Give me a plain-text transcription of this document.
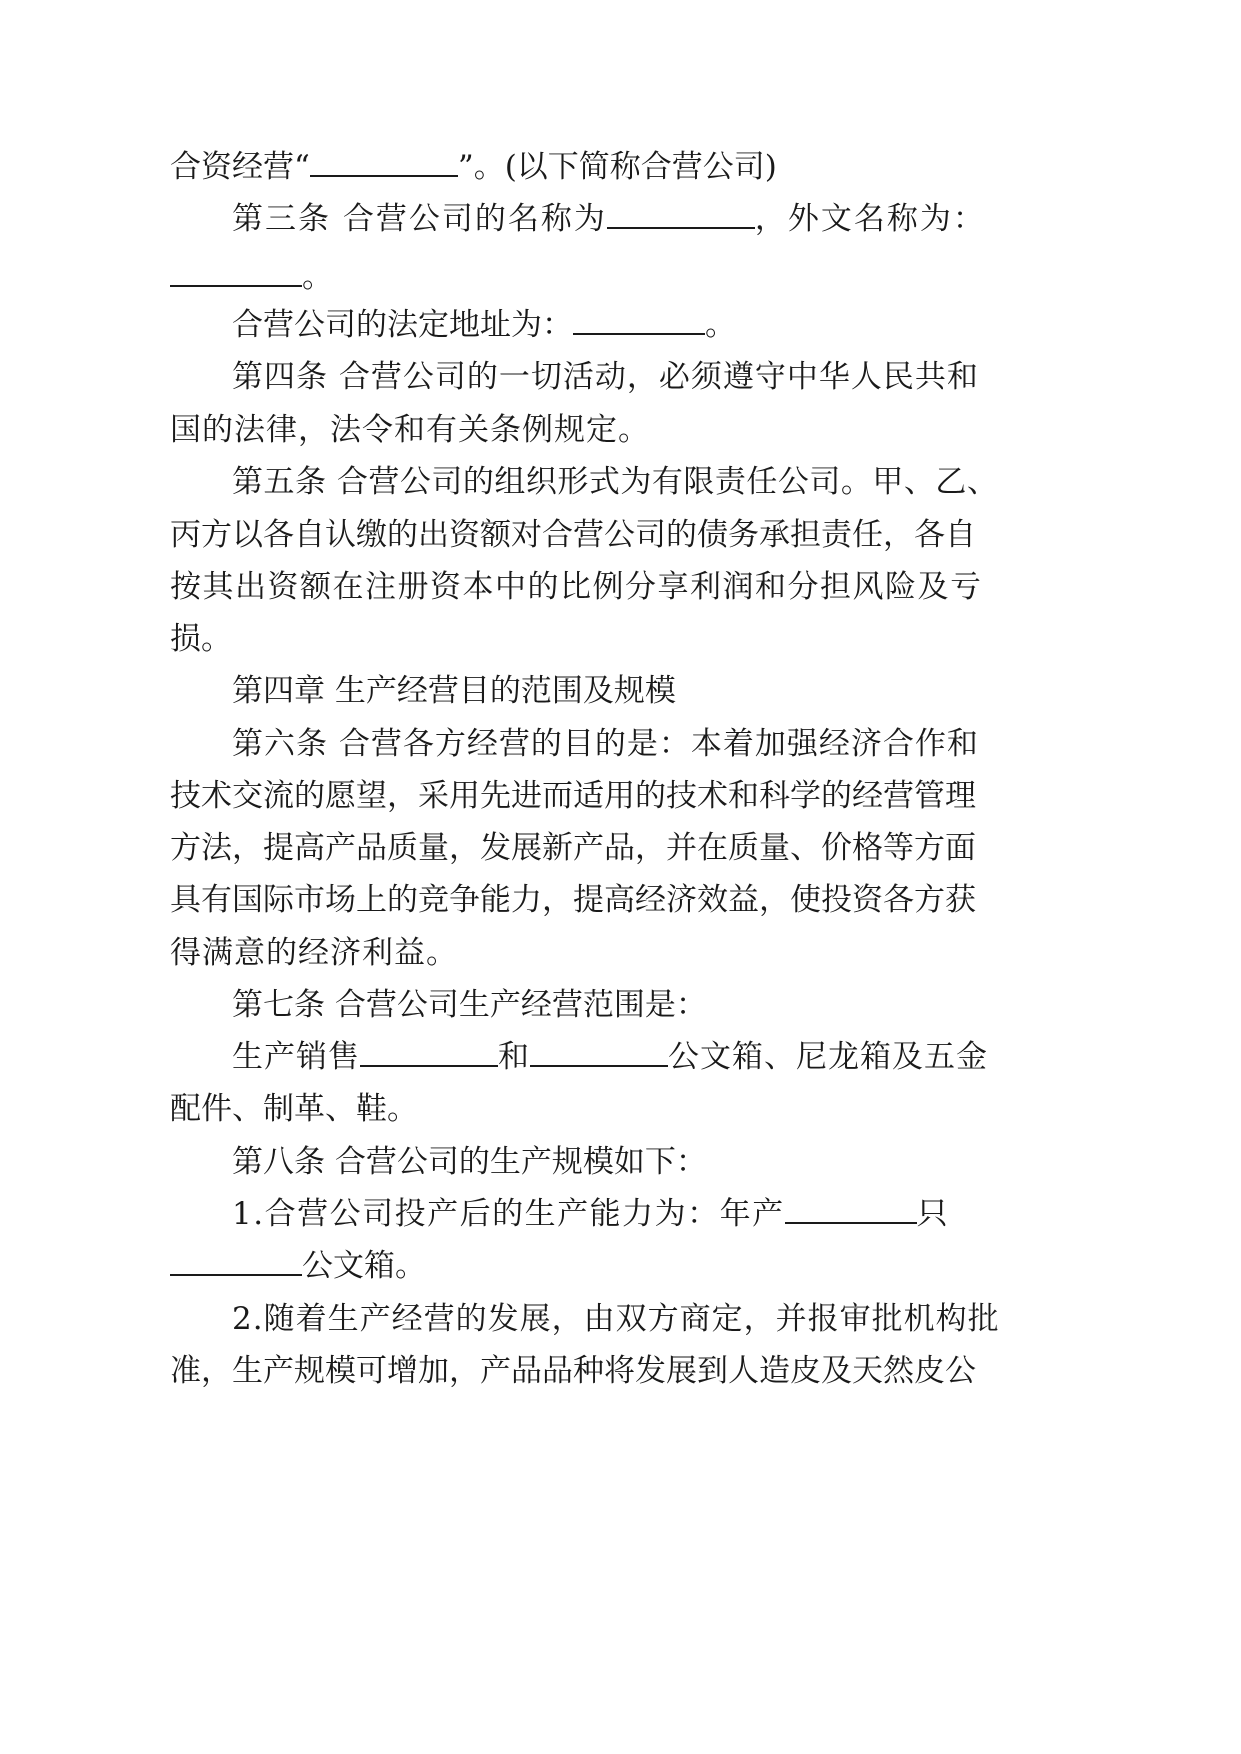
合资经营“	”。(以下简称合营公司)
第三条 合营公司的名称为	，外文名称为：
。
合营公司的法定地址为：	。
第四条 合营公司的一切活动，必须遵守中华人民共和
国的法律，法令和有关条例规定。
第五条 合营公司的组织形式为有限责任公司。甲、乙、
丙方以各自认缴的出资额对合营公司的债务承担责任，各自
按其出资额在注册资本中的比例分享利润和分担风险及亏
损。
第四章 生产经营目的范围及规模
第六条 合营各方经营的目的是：本着加强经济合作和
技术交流的愿望，采用先进而适用的技术和科学的经营管理
方法，提高产品质量，发展新产品，并在质量、价格等方面
具有国际市场上的竞争能力，提高经济效益，使投资各方获
得满意的经济利益。
第七条 合营公司生产经营范围是：
生产销售	和	公文箱、尼龙箱及五金
配件、制革、鞋。
第八条 合营公司的生产规模如下：
1.合营公司投产后的生产能力为：年产	只
公文箱。
2.随着生产经营的发展，由双方商定，并报审批机构批
准，生产规模可增加，产品品种将发展到人造皮及天然皮公
